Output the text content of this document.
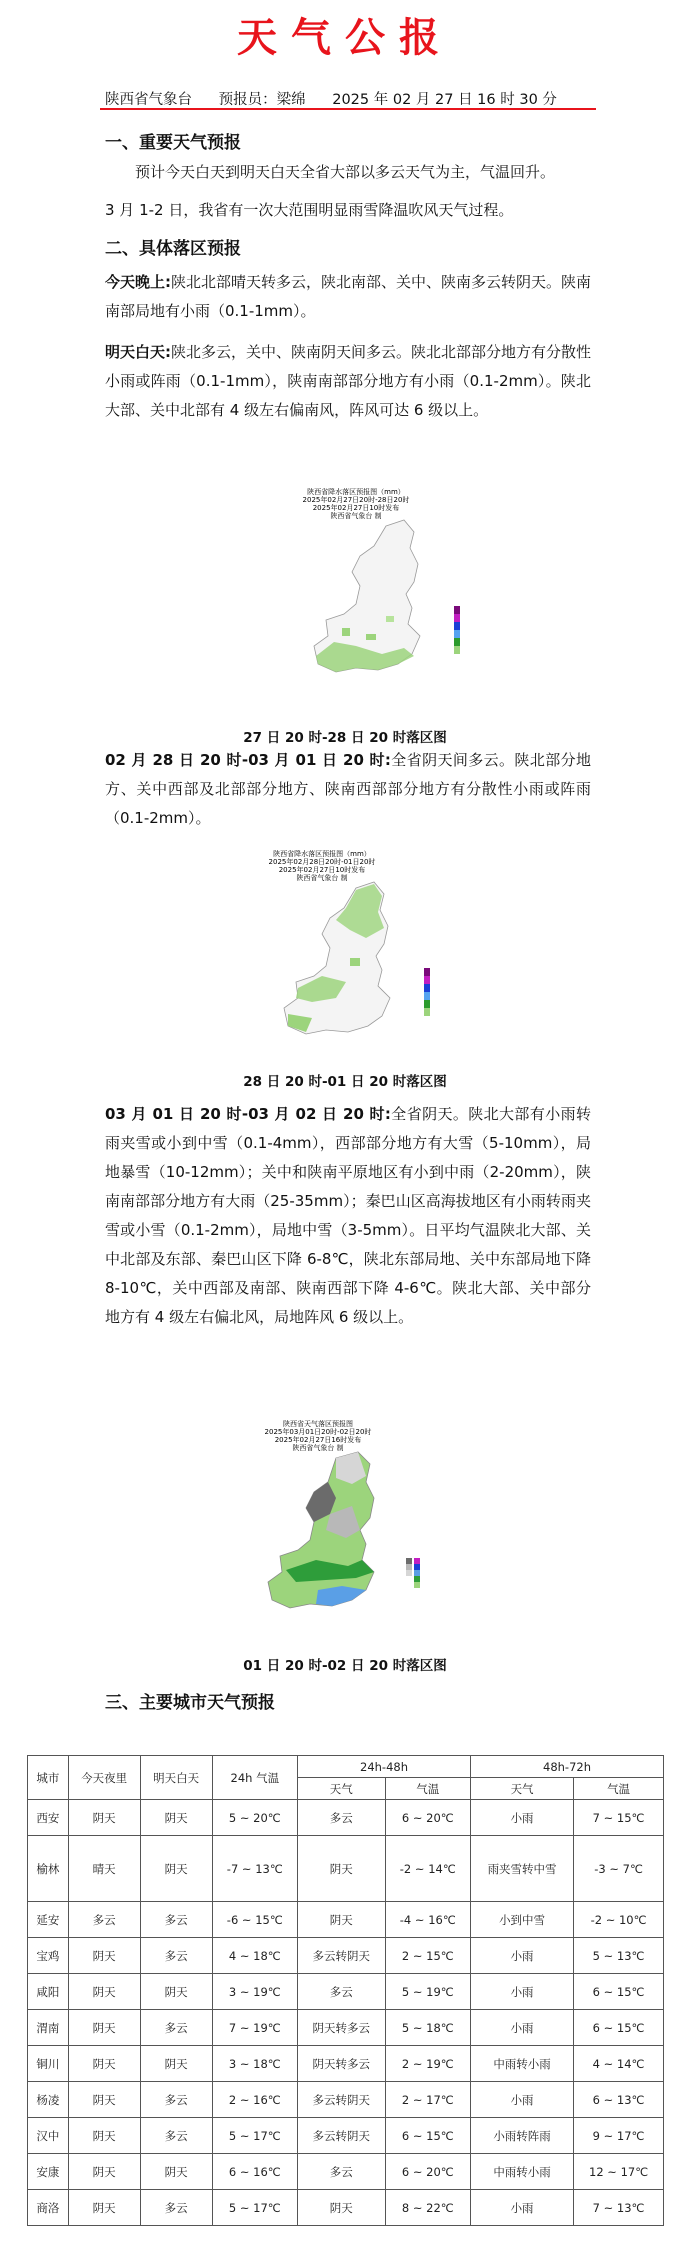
天气公报
陕西省气象台 预报员：梁绵 2025 年 02 月 27 日 16 时 30 分
一、重要天气预报
预计今天白天到明天白天全省大部以多云天气为主，气温回升。
3 月 1-2 日，我省有一次大范围明显雨雪降温吹风天气过程。
二、具体落区预报
今天晚上:陕北北部晴天转多云，陕北南部、关中、陕南多云转阴天。陕南南部局地有小雨（0.1-1mm）。
明天白天:陕北多云，关中、陕南阴天间多云。陕北北部部分地方有分散性小雨或阵雨（0.1-1mm），陕南南部部分地方有小雨（0.1-2mm）。陕北大部、关中北部有 4 级左右偏南风，阵风可达 6 级以上。
陕西省降水落区预报图（mm）
2025年02月27日20时-28日20时
2025年02月27日10时发布
陕西省气象台 制
27 日 20 时-28 日 20 时落区图
02 月 28 日 20 时-03 月 01 日 20 时:全省阴天间多云。陕北部分地方、关中西部及北部部分地方、陕南西部部分地方有分散性小雨或阵雨（0.1-2mm）。
陕西省降水落区预报图（mm）
2025年02月28日20时-01日20时
2025年02月27日10时发布
陕西省气象台 制
28 日 20 时-01 日 20 时落区图
03 月 01 日 20 时-03 月 02 日 20 时:全省阴天。陕北大部有小雨转雨夹雪或小到中雪（0.1-4mm），西部部分地方有大雪（5-10mm），局地暴雪（10-12mm）；关中和陕南平原地区有小到中雨（2-20mm），陕南南部部分地方有大雨（25-35mm）；秦巴山区高海拔地区有小雨转雨夹雪或小雪（0.1-2mm），局地中雪（3-5mm）。日平均气温陕北大部、关中北部及东部、秦巴山区下降 6-8℃，陕北东部局地、关中东部局地下降 8-10℃，关中西部及南部、陕南西部下降 4-6℃。陕北大部、关中部分地方有 4 级左右偏北风，局地阵风 6 级以上。
陕西省天气落区预报图
2025年03月01日20时-02日20时
2025年02月27日16时发布
陕西省气象台 制
01 日 20 时-02 日 20 时落区图
三、主要城市天气预报
城市	今天夜里	明天白天	24h 气温	24h-48h		48h-72h	
				天气	气温	天气	气温
西安	阴天	阴天	5 ~ 20℃	多云	6 ~ 20℃	小雨	7 ~ 15℃
榆林	晴天	阴天	-7 ~ 13℃	阴天	-2 ~ 14℃	雨夹雪转中雪	-3 ~ 7℃
延安	多云	多云	-6 ~ 15℃	阴天	-4 ~ 16℃	小到中雪	-2 ~ 10℃
宝鸡	阴天	多云	4 ~ 18℃	多云转阴天	2 ~ 15℃	小雨	5 ~ 13℃
咸阳	阴天	阴天	3 ~ 19℃	多云	5 ~ 19℃	小雨	6 ~ 15℃
渭南	阴天	多云	7 ~ 19℃	阴天转多云	5 ~ 18℃	小雨	6 ~ 15℃
铜川	阴天	阴天	3 ~ 18℃	阴天转多云	2 ~ 19℃	中雨转小雨	4 ~ 14℃
杨凌	阴天	多云	2 ~ 16℃	多云转阴天	2 ~ 17℃	小雨	6 ~ 13℃
汉中	阴天	多云	5 ~ 17℃	多云转阴天	6 ~ 15℃	小雨转阵雨	9 ~ 17℃
安康	阴天	阴天	6 ~ 16℃	多云	6 ~ 20℃	中雨转小雨	12 ~ 17℃
商洛	阴天	多云	5 ~ 17℃	阴天	8 ~ 22℃	小雨	7 ~ 13℃
